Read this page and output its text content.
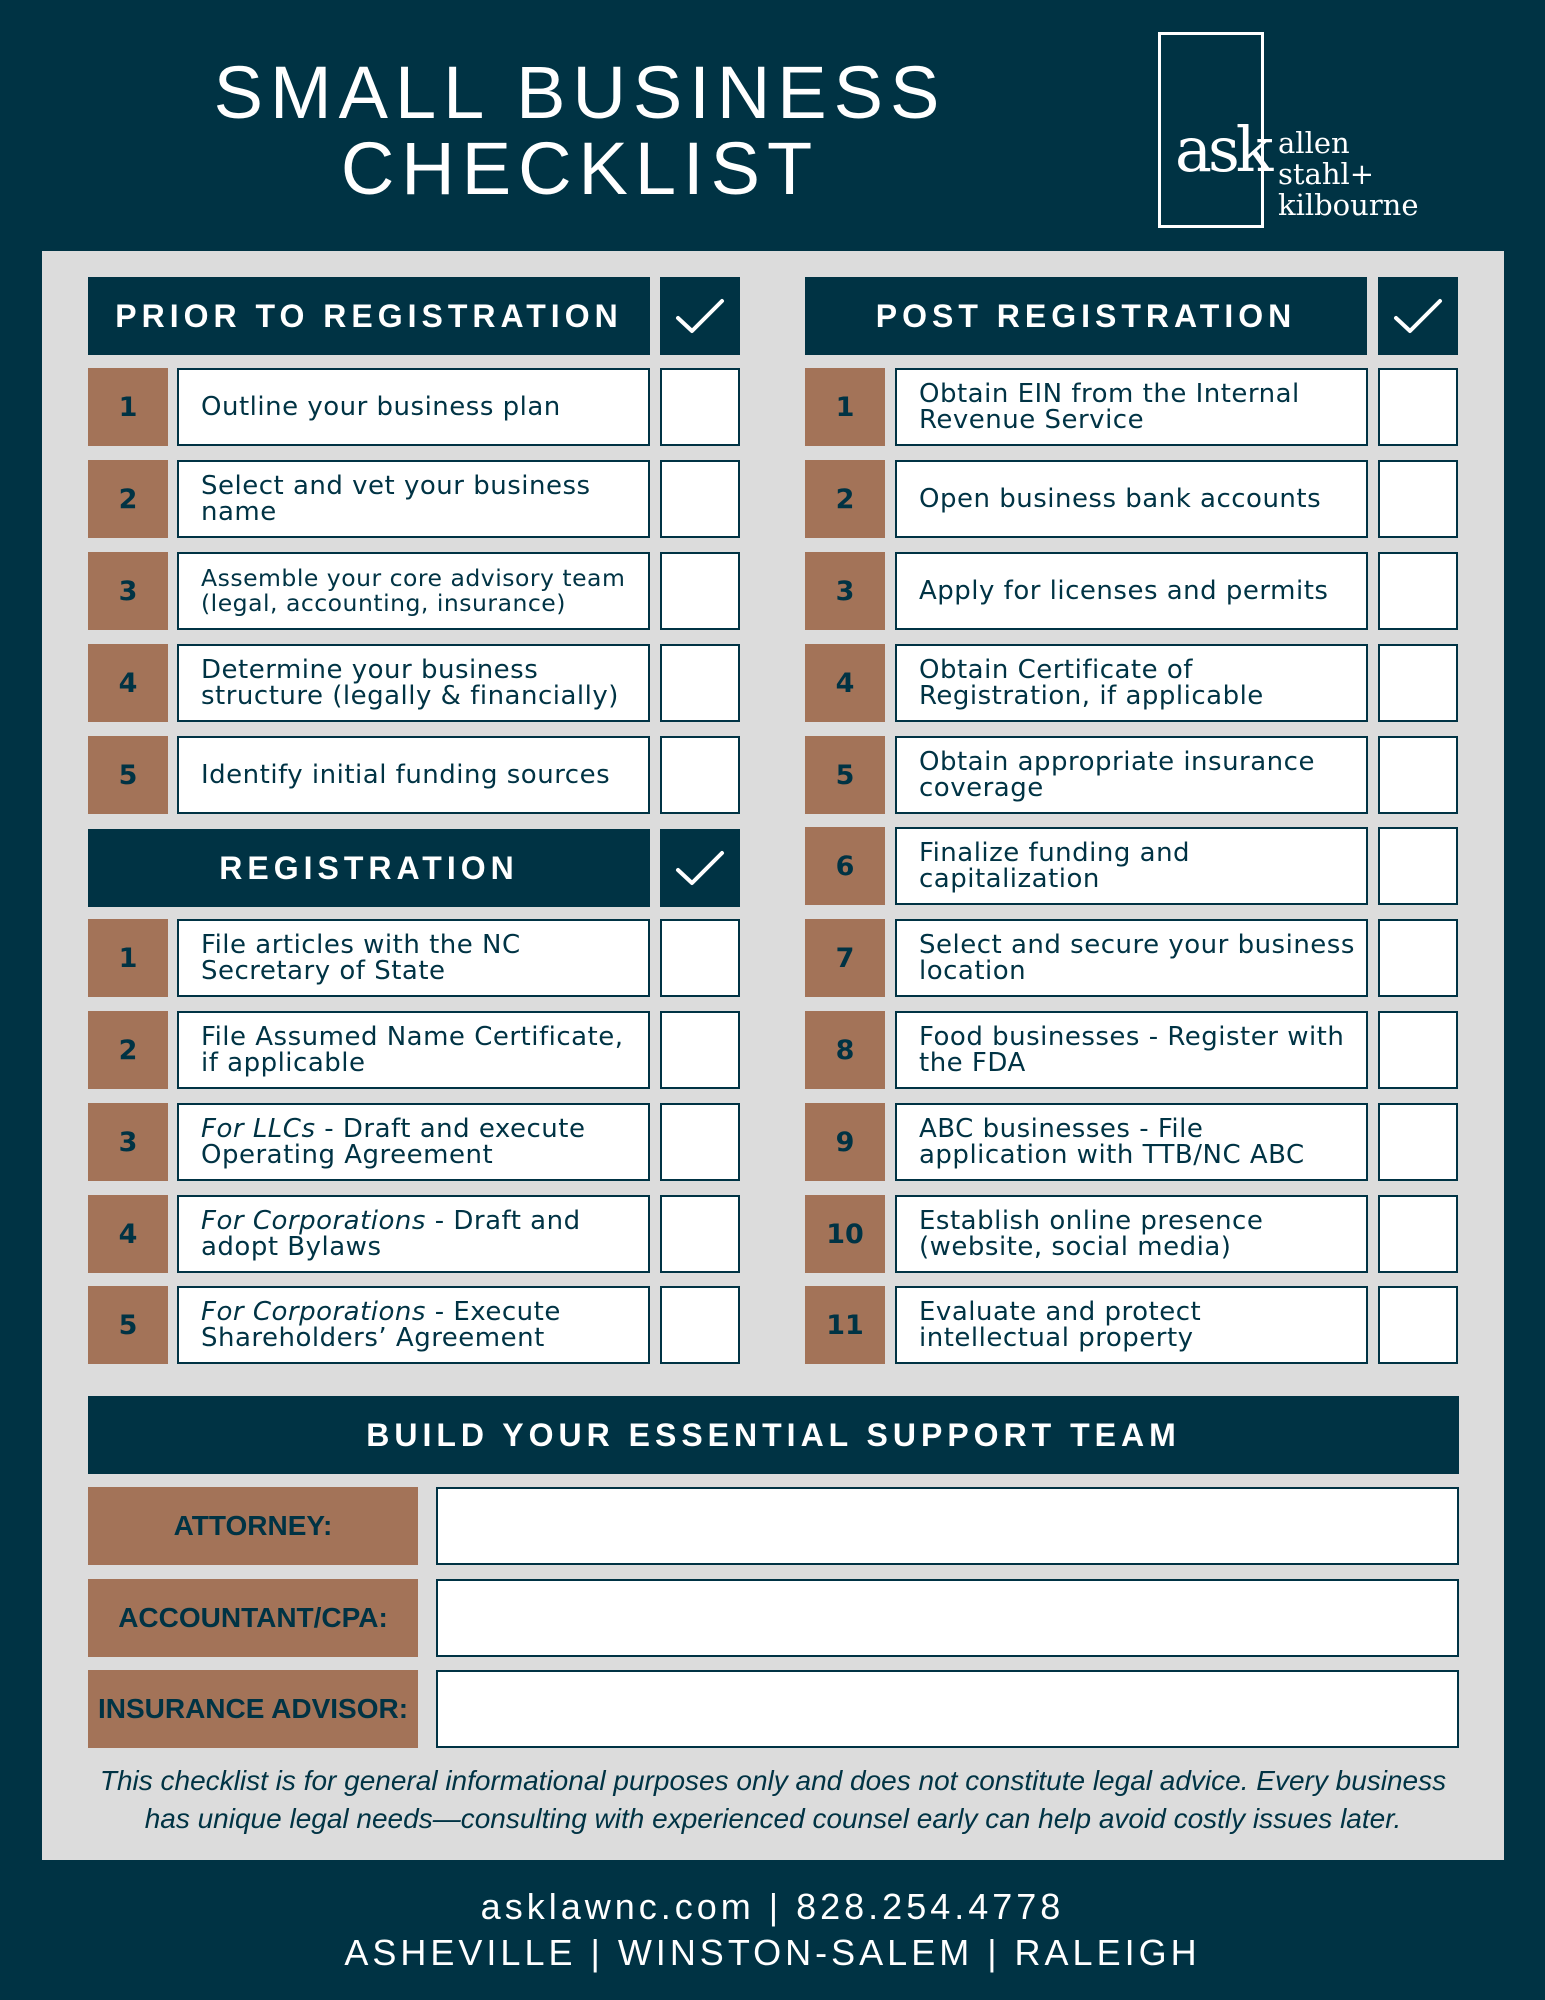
SMALL BUSINESS
CHECKLIST	ask allen
stahl+
kilbourne
PRIOR TO REGISTRATION
REGISTRATION
POST REGISTRATION
1	Outline your business plan
2	Select and vet your business name
3	Assemble your core advisory team (legal, accounting, insurance)
4	Determine your business structure (legally & financially)
5	Identify initial funding sources
1	File articles with the NC Secretary of State
2	File Assumed Name Certificate, if applicable
3	For LLCs - Draft and execute Operating Agreement
4	For Corporations - Draft and adopt Bylaws
5	For Corporations - Execute Shareholders’ Agreement
1	Obtain EIN from the Internal Revenue Service
2	Open business bank accounts
3	Apply for licenses and permits
4	Obtain Certificate of Registration, if applicable
5	Obtain appropriate insurance coverage
6	Finalize funding and capitalization
7	Select and secure your business location
8	Food businesses - Register with the FDA
9	ABC businesses - File application with TTB/NC ABC
10	Establish online presence (website, social media)
11	Evaluate and protect intellectual property
BUILD YOUR ESSENTIAL SUPPORT TEAM
ATTORNEY:
ACCOUNTANT/CPA:
INSURANCE ADVISOR:
This checklist is for general informational purposes only and does not constitute legal advice. Every business has unique legal needs—consulting with experienced counsel early can help avoid costly issues later.
asklawnc.com | 828.254.4778
ASHEVILLE | WINSTON-SALEM | RALEIGH
